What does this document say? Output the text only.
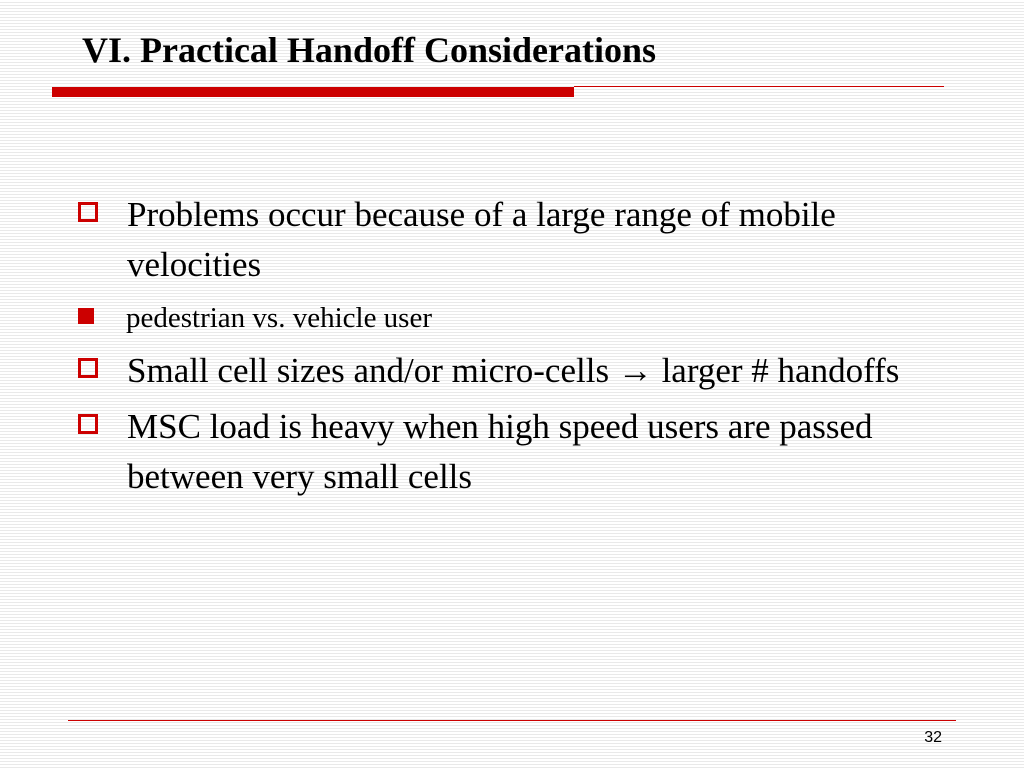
VI. Practical Handoff Considerations
Problems occur because of a large range of mobile velocities
pedestrian vs. vehicle user
Small cell sizes and/or micro-cells → larger # handoffs
MSC load is heavy when high speed users are passed between very small cells
32
